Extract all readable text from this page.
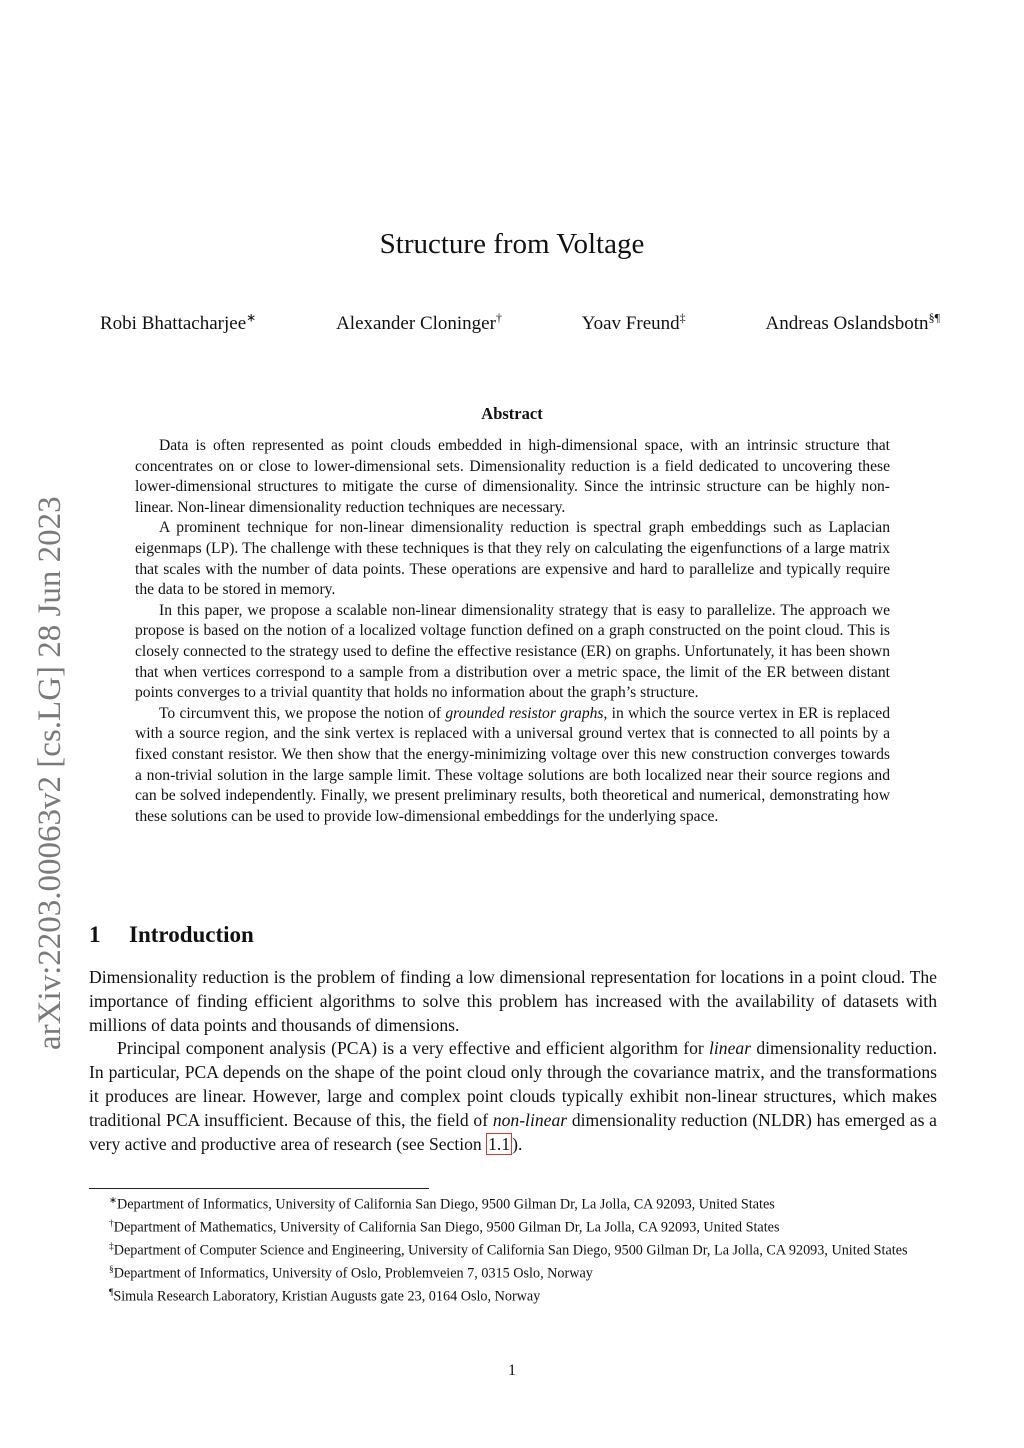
arXiv:2203.00063v2 [cs.LG] 28 Jun 2023
Structure from Voltage
Robi Bhattacharjee∗	Alexander Cloninger†	Yoav Freund‡	Andreas Oslandsbotn§¶
Abstract

Data is often represented as point clouds embedded in high-dimensional space, with an intrinsic structure that concentrates on or close to lower-dimensional sets. Dimensionality reduction is a field dedicated to uncovering these lower-dimensional structures to mitigate the curse of dimensionality. Since the intrinsic structure can be highly non-linear. Non-linear dimensionality reduction techniques are necessary.

A prominent technique for non-linear dimensionality reduction is spectral graph embeddings such as Laplacian eigenmaps (LP). The challenge with these techniques is that they rely on calculating the eigenfunctions of a large matrix that scales with the number of data points. These operations are expensive and hard to parallelize and typically require the data to be stored in memory.

In this paper, we propose a scalable non-linear dimensionality strategy that is easy to parallelize. The approach we propose is based on the notion of a localized voltage function defined on a graph constructed on the point cloud. This is closely connected to the strategy used to define the effective resistance (ER) on graphs. Unfortunately, it has been shown that when vertices correspond to a sample from a distribution over a metric space, the limit of the ER between distant points converges to a trivial quantity that holds no information about the graph’s structure.

To circumvent this, we propose the notion of grounded resistor graphs, in which the source vertex in ER is replaced with a source region, and the sink vertex is replaced with a universal ground vertex that is connected to all points by a fixed constant resistor. We then show that the energy-minimizing voltage over this new construction converges towards a non-trivial solution in the large sample limit. These voltage solutions are both localized near their source regions and can be solved independently. Finally, we present preliminary results, both theoretical and numerical, demonstrating how these solutions can be used to provide low-dimensional embeddings for the underlying space.

1 Introduction

Dimensionality reduction is the problem of finding a low dimensional representation for locations in a point cloud. The importance of finding efficient algorithms to solve this problem has increased with the availability of datasets with millions of data points and thousands of dimensions.

Principal component analysis (PCA) is a very effective and efficient algorithm for linear dimensionality reduction. In particular, PCA depends on the shape of the point cloud only through the covariance matrix, and the transformations it produces are linear. However, large and complex point clouds typically exhibit non-linear structures, which makes traditional PCA insufficient. Because of this, the field of non-linear dimensionality reduction (NLDR) has emerged as a very active and productive area of research (see Section 1.1 ).

∗Department of Informatics, University of California San Diego, 9500 Gilman Dr, La Jolla, CA 92093, United States

†Department of Mathematics, University of California San Diego, 9500 Gilman Dr, La Jolla, CA 92093, United States

‡Department of Computer Science and Engineering, University of California San Diego, 9500 Gilman Dr, La Jolla, CA 92093, United States

§Department of Informatics, University of Oslo, Problemveien 7, 0315 Oslo, Norway

¶Simula Research Laboratory, Kristian Augusts gate 23, 0164 Oslo, Norway

1
